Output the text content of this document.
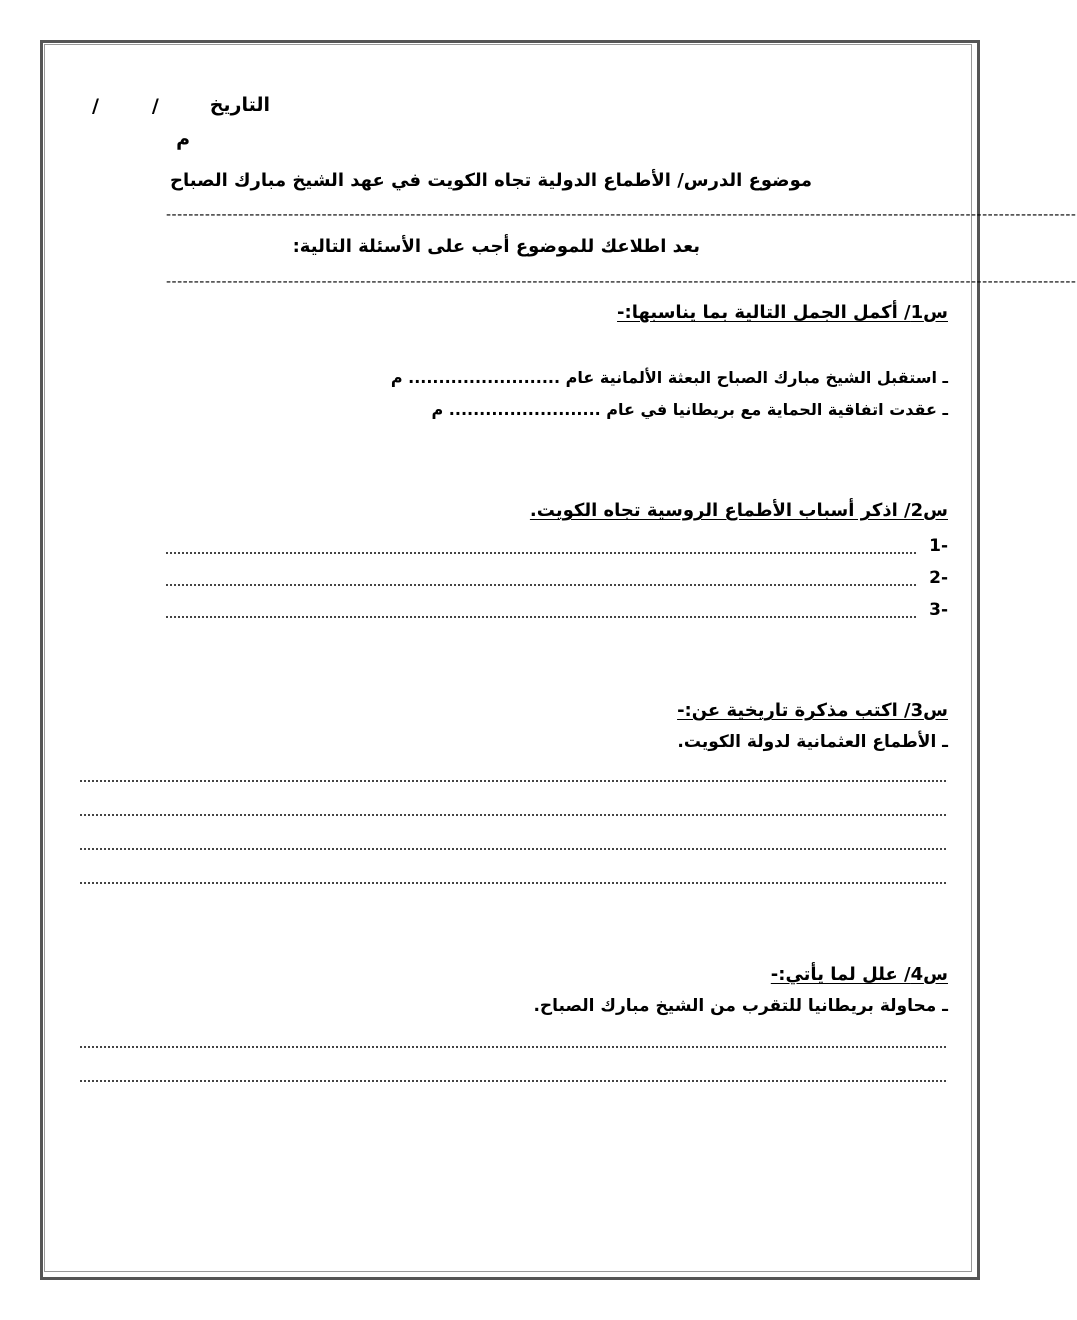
التاريخ
/        /
م
موضوع الدرس/ الأطماع الدولية تجاه الكويت في عهد الشيخ مبارك الصباح
--------------------------------------------------------------------------------------------------------------------------------------------------------------------
بعد اطلاعك للموضوع أجب على الأسئلة التالية:
--------------------------------------------------------------------------------------------------------------------------------------------------------------------
س1/ أكمل الجمل التالية بما يناسبها:-
ـ استقبل الشيخ مبارك الصباح البعثة الألمانية عام ......................... م
ـ عقدت اتفاقية الحماية مع بريطانيا في عام ......................... م
س2/ اذكر أسباب الأطماع الروسية تجاه الكويت.
-1
-2
-3
س3/ اكتب مذكرة تاريخية عن:-
ـ الأطماع العثمانية لدولة الكويت.
س4/ علل لما يأتي:-
ـ محاولة بريطانيا للتقرب من الشيخ مبارك الصباح.
